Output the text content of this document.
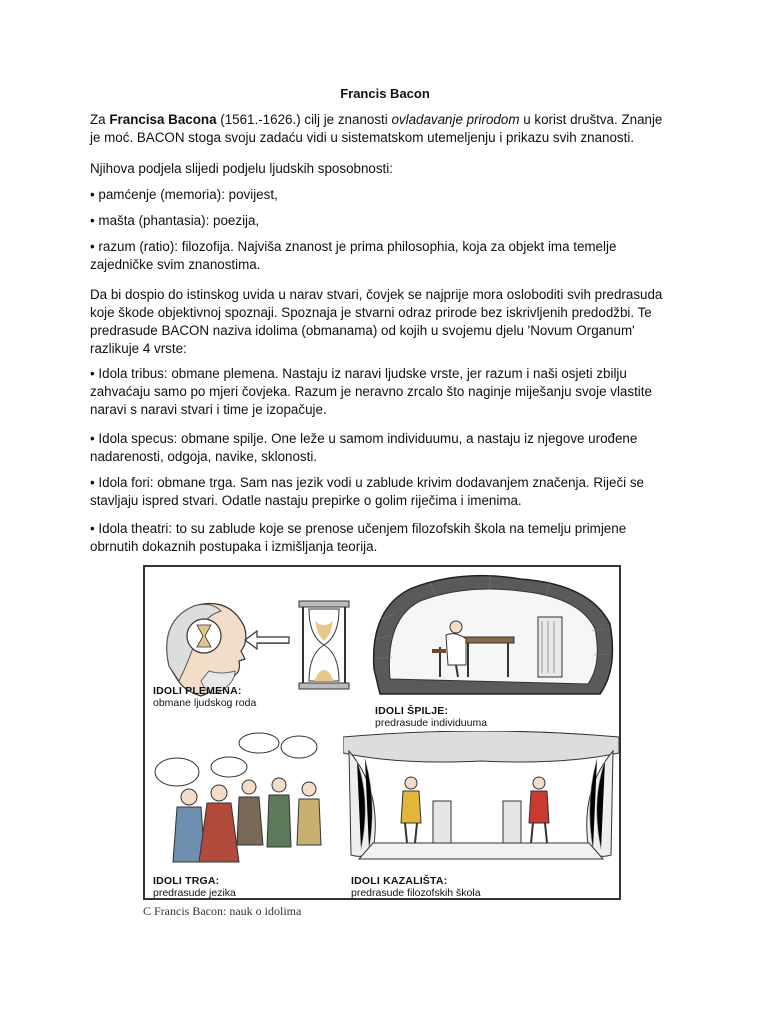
Francis Bacon
Za Francisa Bacona (1561.-1626.) cilj je znanosti ovladavanje prirodom u korist društva. Znanje je moć. BACON stoga svoju zadaću vidi u sistematskom utemeljenju i prikazu svih znanosti.
Njihova podjela slijedi podjelu ljudskih sposobnosti:
• pamćenje (memoria): povijest,
• mašta (phantasia): poezija,
• razum (ratio): filozofija. Najviša znanost je prima philosophia, koja za objekt ima temelje zajedničke svim znanostima.
Da bi dospio do istinskog uvida u narav stvari, čovjek se najprije mora osloboditi svih predrasuda koje škode objektivnoj spoznaji. Spoznaja je stvarni odraz prirode bez iskrivljenih predodžbi. Te predrasude BACON naziva idolima (obmanama) od kojih u svojemu djelu 'Novum Organum' razlikuje 4 vrste:
• Idola tribus: obmane plemena. Nastaju iz naravi ljudske vrste, jer razum i naši osjeti zbilju zahvaćaju samo po mjeri čovjeka. Razum je neravno zrcalo što naginje miješanju svoje vlastite naravi s naravi stvari i time je izopačuje.
• Idola specus: obmane spilje. One leže u samom individuumu, a nastaju iz njegove urođene nadarenosti, odgoja, navike, sklonosti.
• Idola fori: obmane trga. Sam nas jezik vodi u zablude krivim dodavanjem značenja. Riječi se stavljaju ispred stvari. Odatle nastaju prepirke o golim riječima i imenima.
• Idola theatri: to su zablude koje se prenose učenjem filozofskih škola na temelju primjene obrnutih dokaznih postupaka i izmišljanja teorija.
IDOLI PLEMENA:
obmane ljudskog roda
IDOLI ŠPILJE:
predrasude individuuma
IDOLI TRGA:
predrasude jezika
IDOLI KAZALIŠTA:
predrasude filozofskih škola
C Francis Bacon: nauk o idolima
